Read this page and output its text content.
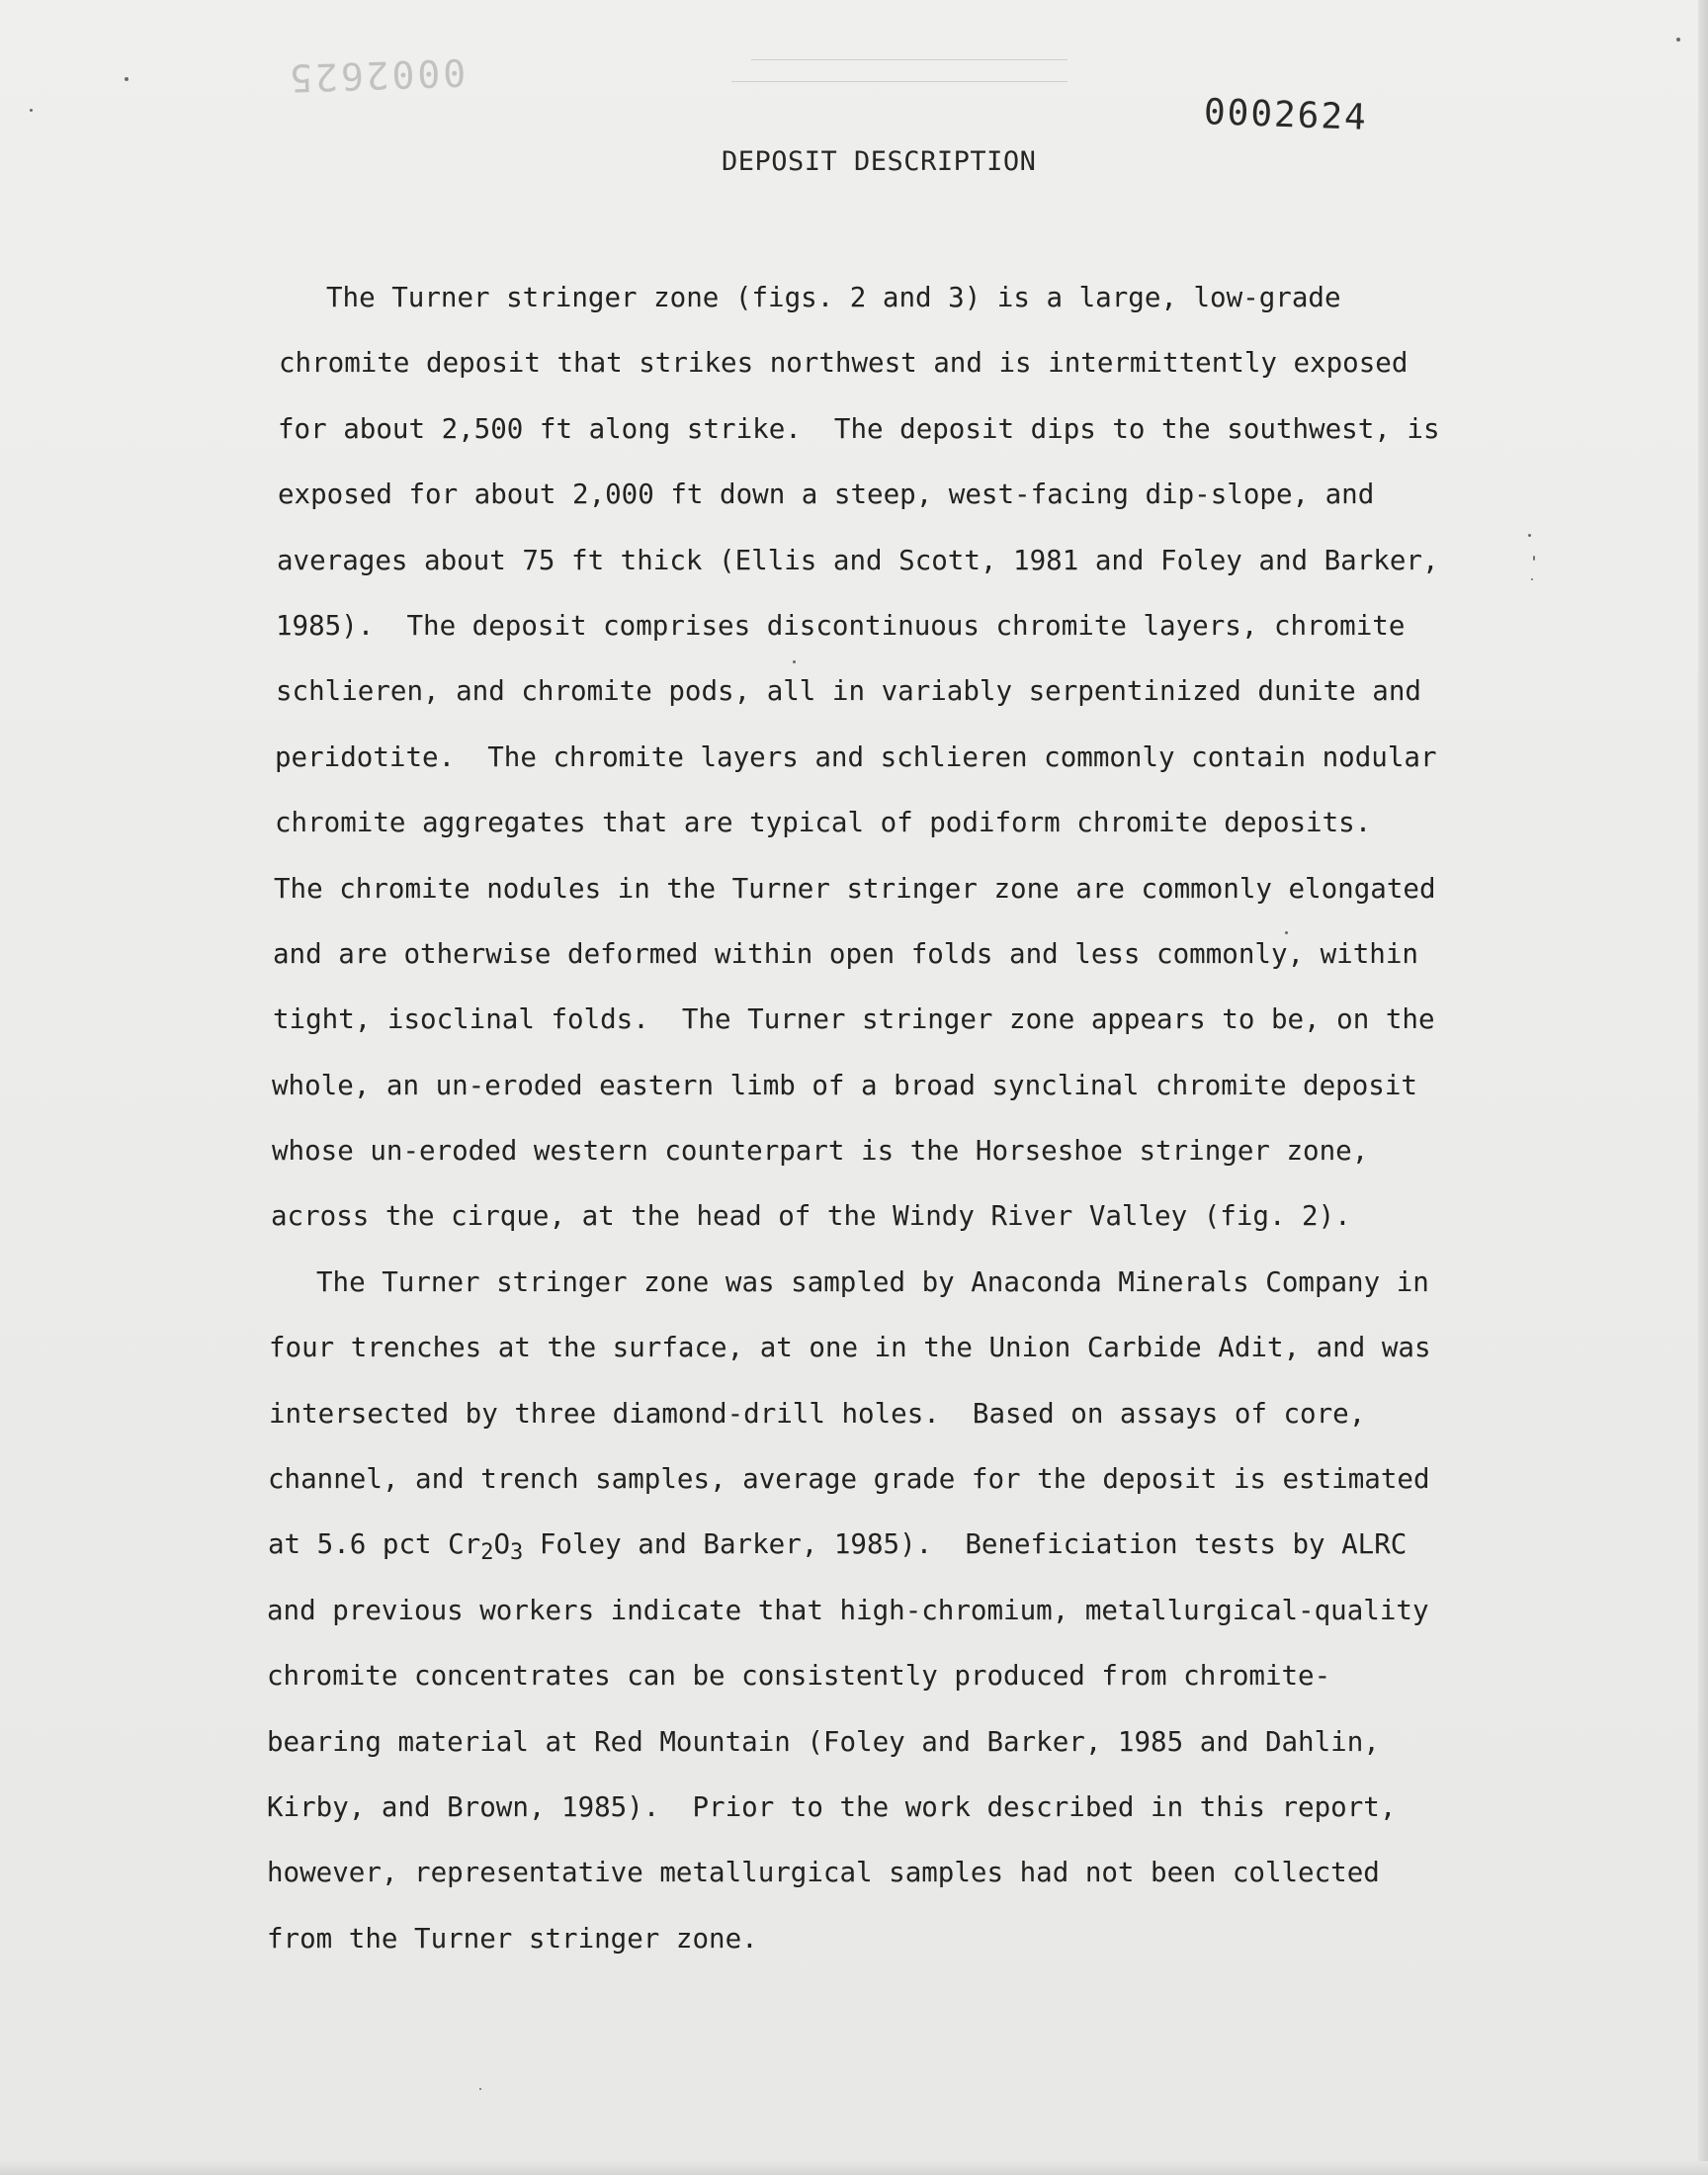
0002625
0002624
DEPOSIT DESCRIPTION
The Turner stringer zone (figs. 2 and 3) is a large, low-grade
chromite deposit that strikes northwest and is intermittently exposed
for about 2,500 ft along strike.  The deposit dips to the southwest, is
exposed for about 2,000 ft down a steep, west-facing dip-slope, and
averages about 75 ft thick (Ellis and Scott, 1981 and Foley and Barker,
1985).  The deposit comprises discontinuous chromite layers, chromite
schlieren, and chromite pods, all in variably serpentinized dunite and
peridotite.  The chromite layers and schlieren commonly contain nodular
chromite aggregates that are typical of podiform chromite deposits.
The chromite nodules in the Turner stringer zone are commonly elongated
and are otherwise deformed within open folds and less commonly, within
tight, isoclinal folds.  The Turner stringer zone appears to be, on the
whole, an un-eroded eastern limb of a broad synclinal chromite deposit
whose un-eroded western counterpart is the Horseshoe stringer zone,
across the cirque, at the head of the Windy River Valley (fig. 2).
The Turner stringer zone was sampled by Anaconda Minerals Company in
four trenches at the surface, at one in the Union Carbide Adit, and was
intersected by three diamond-drill holes.  Based on assays of core,
channel, and trench samples, average grade for the deposit is estimated
at 5.6 pct $Cr_2O_3$ Foley and Barker, 1985).  Beneficiation tests by ALRC
and previous workers indicate that high-chromium, metallurgical-quality
chromite concentrates can be consistently produced from chromite-
bearing material at Red Mountain (Foley and Barker, 1985 and Dahlin,
Kirby, and Brown, 1985).  Prior to the work described in this report,
however, representative metallurgical samples had not been collected
from the Turner stringer zone.
